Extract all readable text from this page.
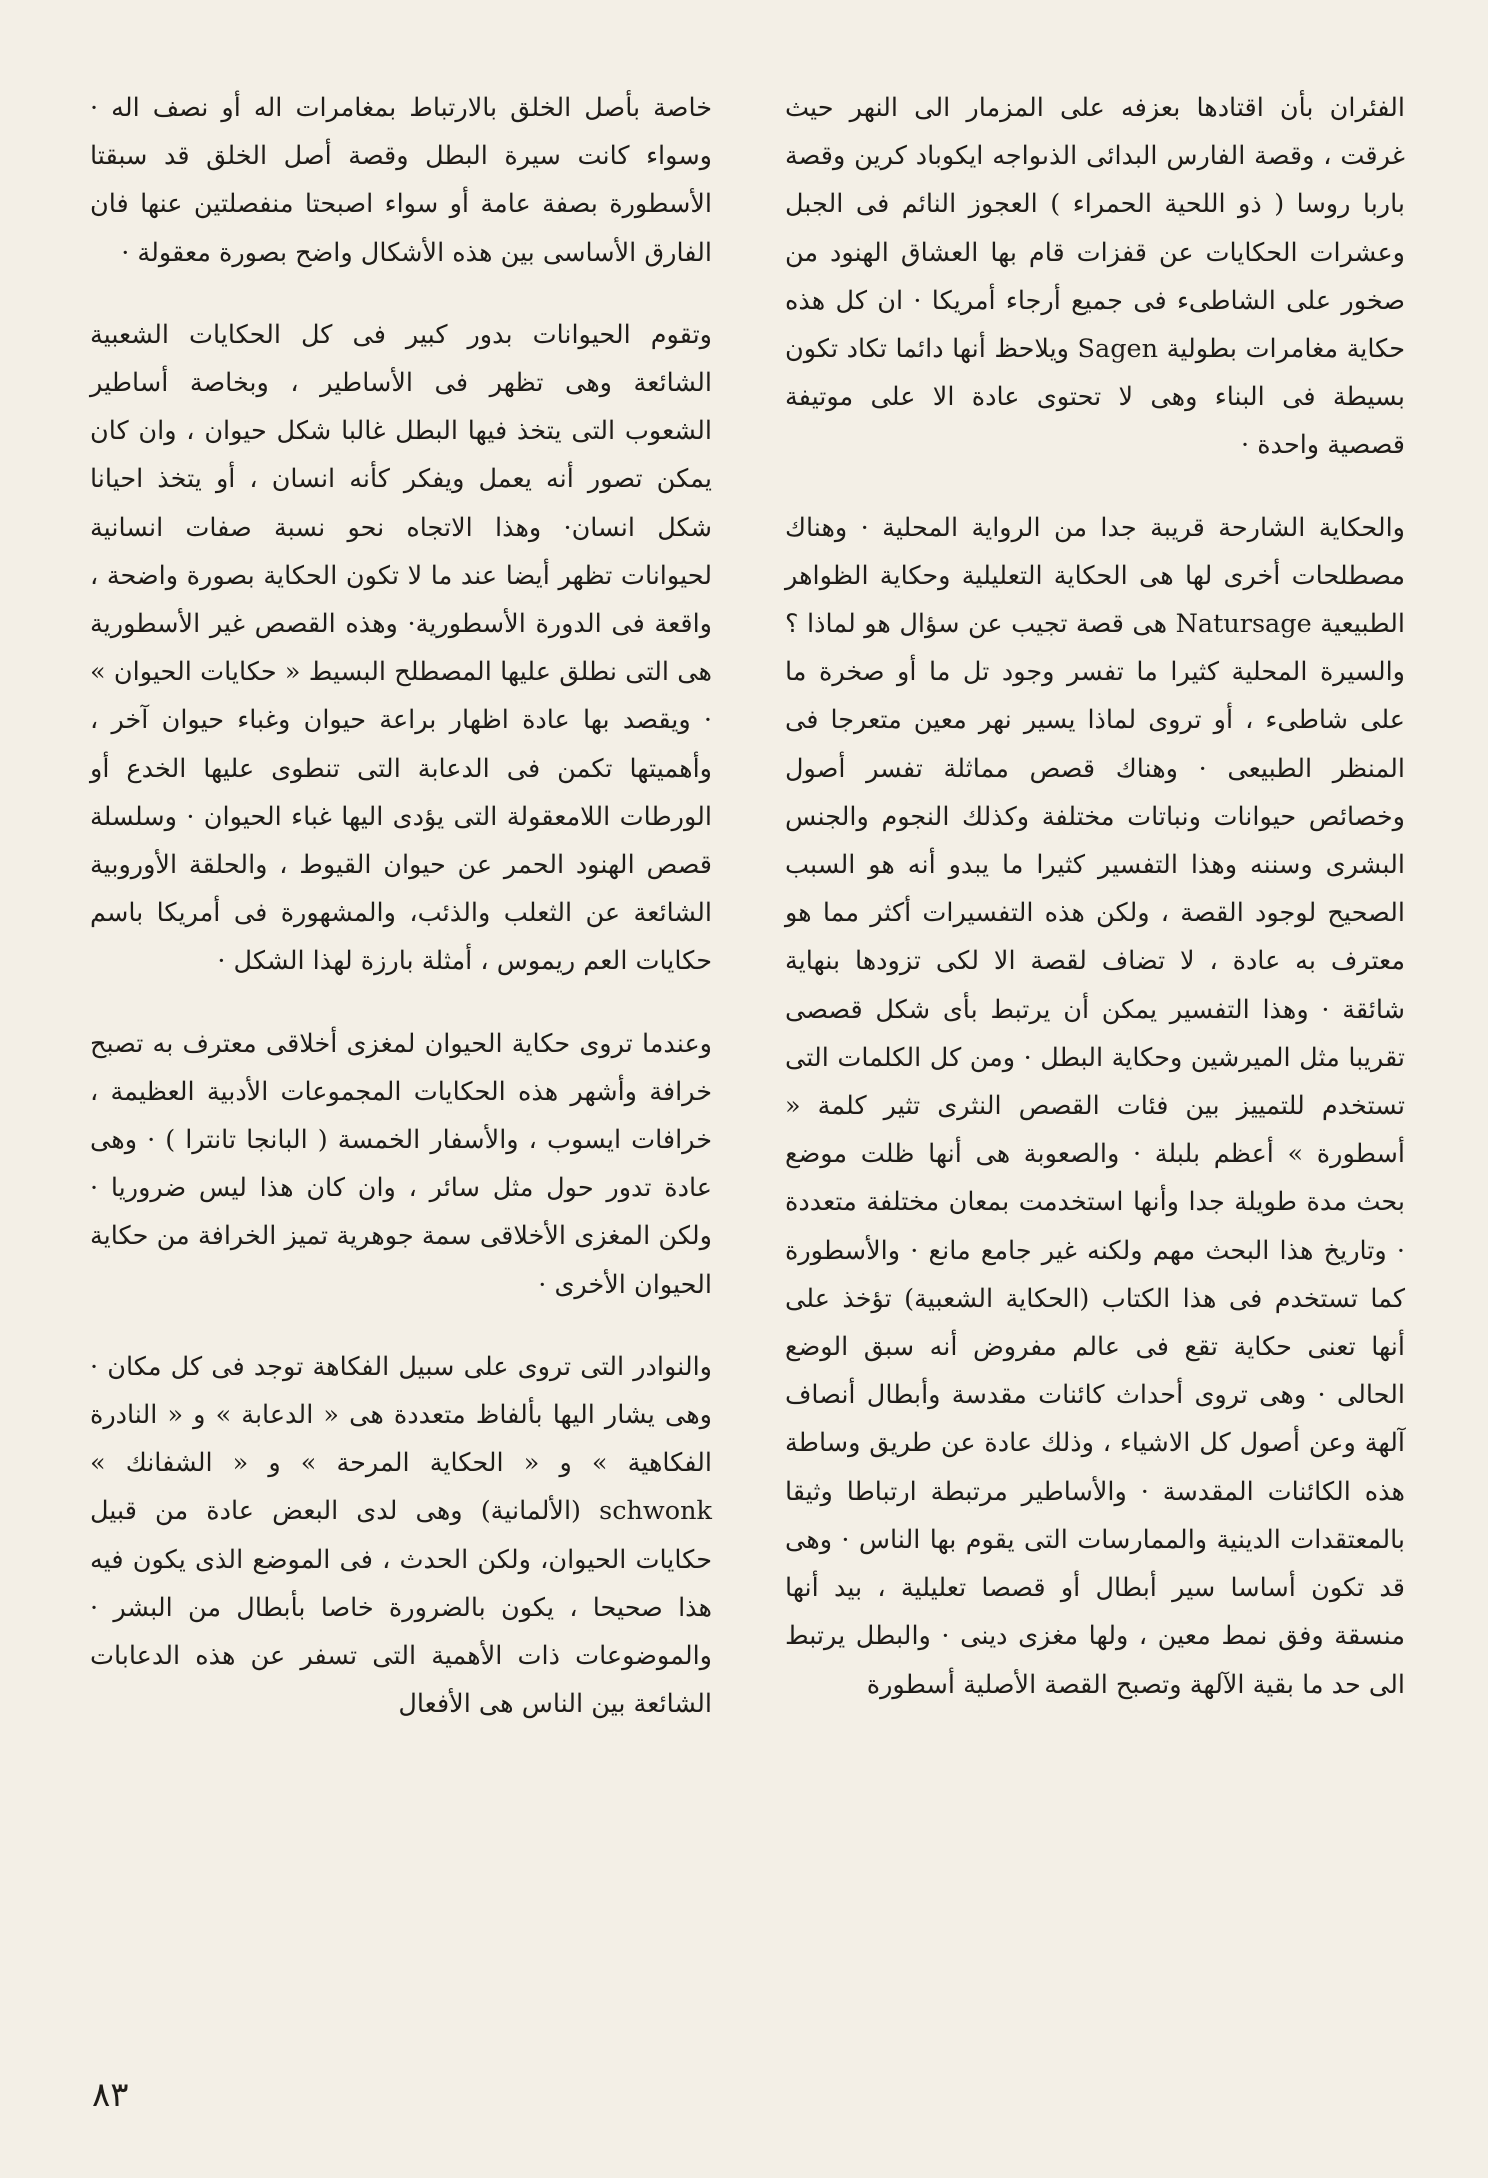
الفئران بأن اقتادها بعزفه على المزمار الى النهر حيث غرقت ، وقصة الفارس البدائى الذىواجه ايكوباد كرين وقصة باربا روسا ( ذو اللحية الحمراء ) العجوز النائم فى الجبل وعشرات الحكايات عن قفزات قام بها العشاق الهنود من صخور على الشاطىء فى جميع أرجاء أمريكا · ان كل هذه حكاية مغامرات بطولية Sagen ويلاحظ أنها دائما تكاد تكون بسيطة فى البناء وهى لا تحتوى عادة الا على موتيفة قصصية واحدة ·

والحكاية الشارحة قريبة جدا من الرواية المحلية · وهناك مصطلحات أخرى لها هى الحكاية التعليلية وحكاية الظواهر الطبيعية Natursage هى قصة تجيب عن سؤال هو لماذا ؟ والسيرة المحلية كثيرا ما تفسر وجود تل ما أو صخرة ما على شاطىء ، أو تروى لماذا يسير نهر معين متعرجا فى المنظر الطبيعى · وهناك قصص مماثلة تفسر أصول وخصائص حيوانات ونباتات مختلفة وكذلك النجوم والجنس البشرى وسننه وهذا التفسير كثيرا ما يبدو أنه هو السبب الصحيح لوجود القصة ، ولكن هذه التفسيرات أكثر مما هو معترف به عادة ، لا تضاف لقصة الا لكى تزودها بنهاية شائقة · وهذا التفسير يمكن أن يرتبط بأى شكل قصصى تقريبا مثل الميرشين وحكاية البطل · ومن كل الكلمات التى تستخدم للتمييز بين فئات القصص النثرى تثير كلمة « أسطورة » أعظم بلبلة · والصعوبة هى أنها ظلت موضع بحث مدة طويلة جدا وأنها استخدمت بمعان مختلفة متعددة · وتاريخ هذا البحث مهم ولكنه غير جامع مانع · والأسطورة كما تستخدم فى هذا الكتاب (الحكاية الشعبية) تؤخذ على أنها تعنى حكاية تقع فى عالم مفروض أنه سبق الوضع الحالى · وهى تروى أحداث كائنات مقدسة وأبطال أنصاف آلهة وعن أصول كل الاشياء ، وذلك عادة عن طريق وساطة هذه الكائنات المقدسة · والأساطير مرتبطة ارتباطا وثيقا بالمعتقدات الدينية والممارسات التى يقوم بها الناس · وهى قد تكون أساسا سير أبطال أو قصصا تعليلية ، بيد أنها منسقة وفق نمط معين ، ولها مغزى دينى · والبطل يرتبط الى حد ما بقية الآلهة وتصبح القصة الأصلية أسطورة

خاصة بأصل الخلق بالارتباط بمغامرات اله أو نصف اله · وسواء كانت سيرة البطل وقصة أصل الخلق قد سبقتا الأسطورة بصفة عامة أو سواء اصبحتا منفصلتين عنها فان الفارق الأساسى بين هذه الأشكال واضح بصورة معقولة ·

وتقوم الحيوانات بدور كبير فى كل الحكايات الشعبية الشائعة وهى تظهر فى الأساطير ، وبخاصة أساطير الشعوب التى يتخذ فيها البطل غالبا شكل حيوان ، وان كان يمكن تصور أنه يعمل ويفكر كأنه انسان ، أو يتخذ احيانا شكل انسان· وهذا الاتجاه نحو نسبة صفات انسانية لحيوانات تظهر أيضا عند ما لا تكون الحكاية بصورة واضحة ، واقعة فى الدورة الأسطورية· وهذه القصص غير الأسطورية هى التى نطلق عليها المصطلح البسيط « حكايات الحيوان » · ويقصد بها عادة اظهار براعة حيوان وغباء حيوان آخر ، وأهميتها تكمن فى الدعابة التى تنطوى عليها الخدع أو الورطات اللامعقولة التى يؤدى اليها غباء الحيوان · وسلسلة قصص الهنود الحمر عن حيوان القيوط ، والحلقة الأوروبية الشائعة عن الثعلب والذئب، والمشهورة فى أمريكا باسم حكايات العم ريموس ، أمثلة بارزة لهذا الشكل ·

وعندما تروى حكاية الحيوان لمغزى أخلاقى معترف به تصبح خرافة وأشهر هذه الحكايات المجموعات الأدبية العظيمة ، خرافات ايسوب ، والأسفار الخمسة ( البانجا تانترا ) · وهى عادة تدور حول مثل سائر ، وان كان هذا ليس ضروريا · ولكن المغزى الأخلاقى سمة جوهرية تميز الخرافة من حكاية الحيوان الأخرى ·

والنوادر التى تروى على سبيل الفكاهة توجد فى كل مكان · وهى يشار اليها بألفاظ متعددة هى « الدعابة » و « النادرة الفكاهية » و « الحكاية المرحة » و « الشفانك » schwonk (الألمانية) وهى لدى البعض عادة من قبيل حكايات الحيوان، ولكن الحدث ، فى الموضع الذى يكون فيه هذا صحيحا ، يكون بالضرورة خاصا بأبطال من البشر · والموضوعات ذات الأهمية التى تسفر عن هذه الدعابات الشائعة بين الناس هى الأفعال

٨٣
